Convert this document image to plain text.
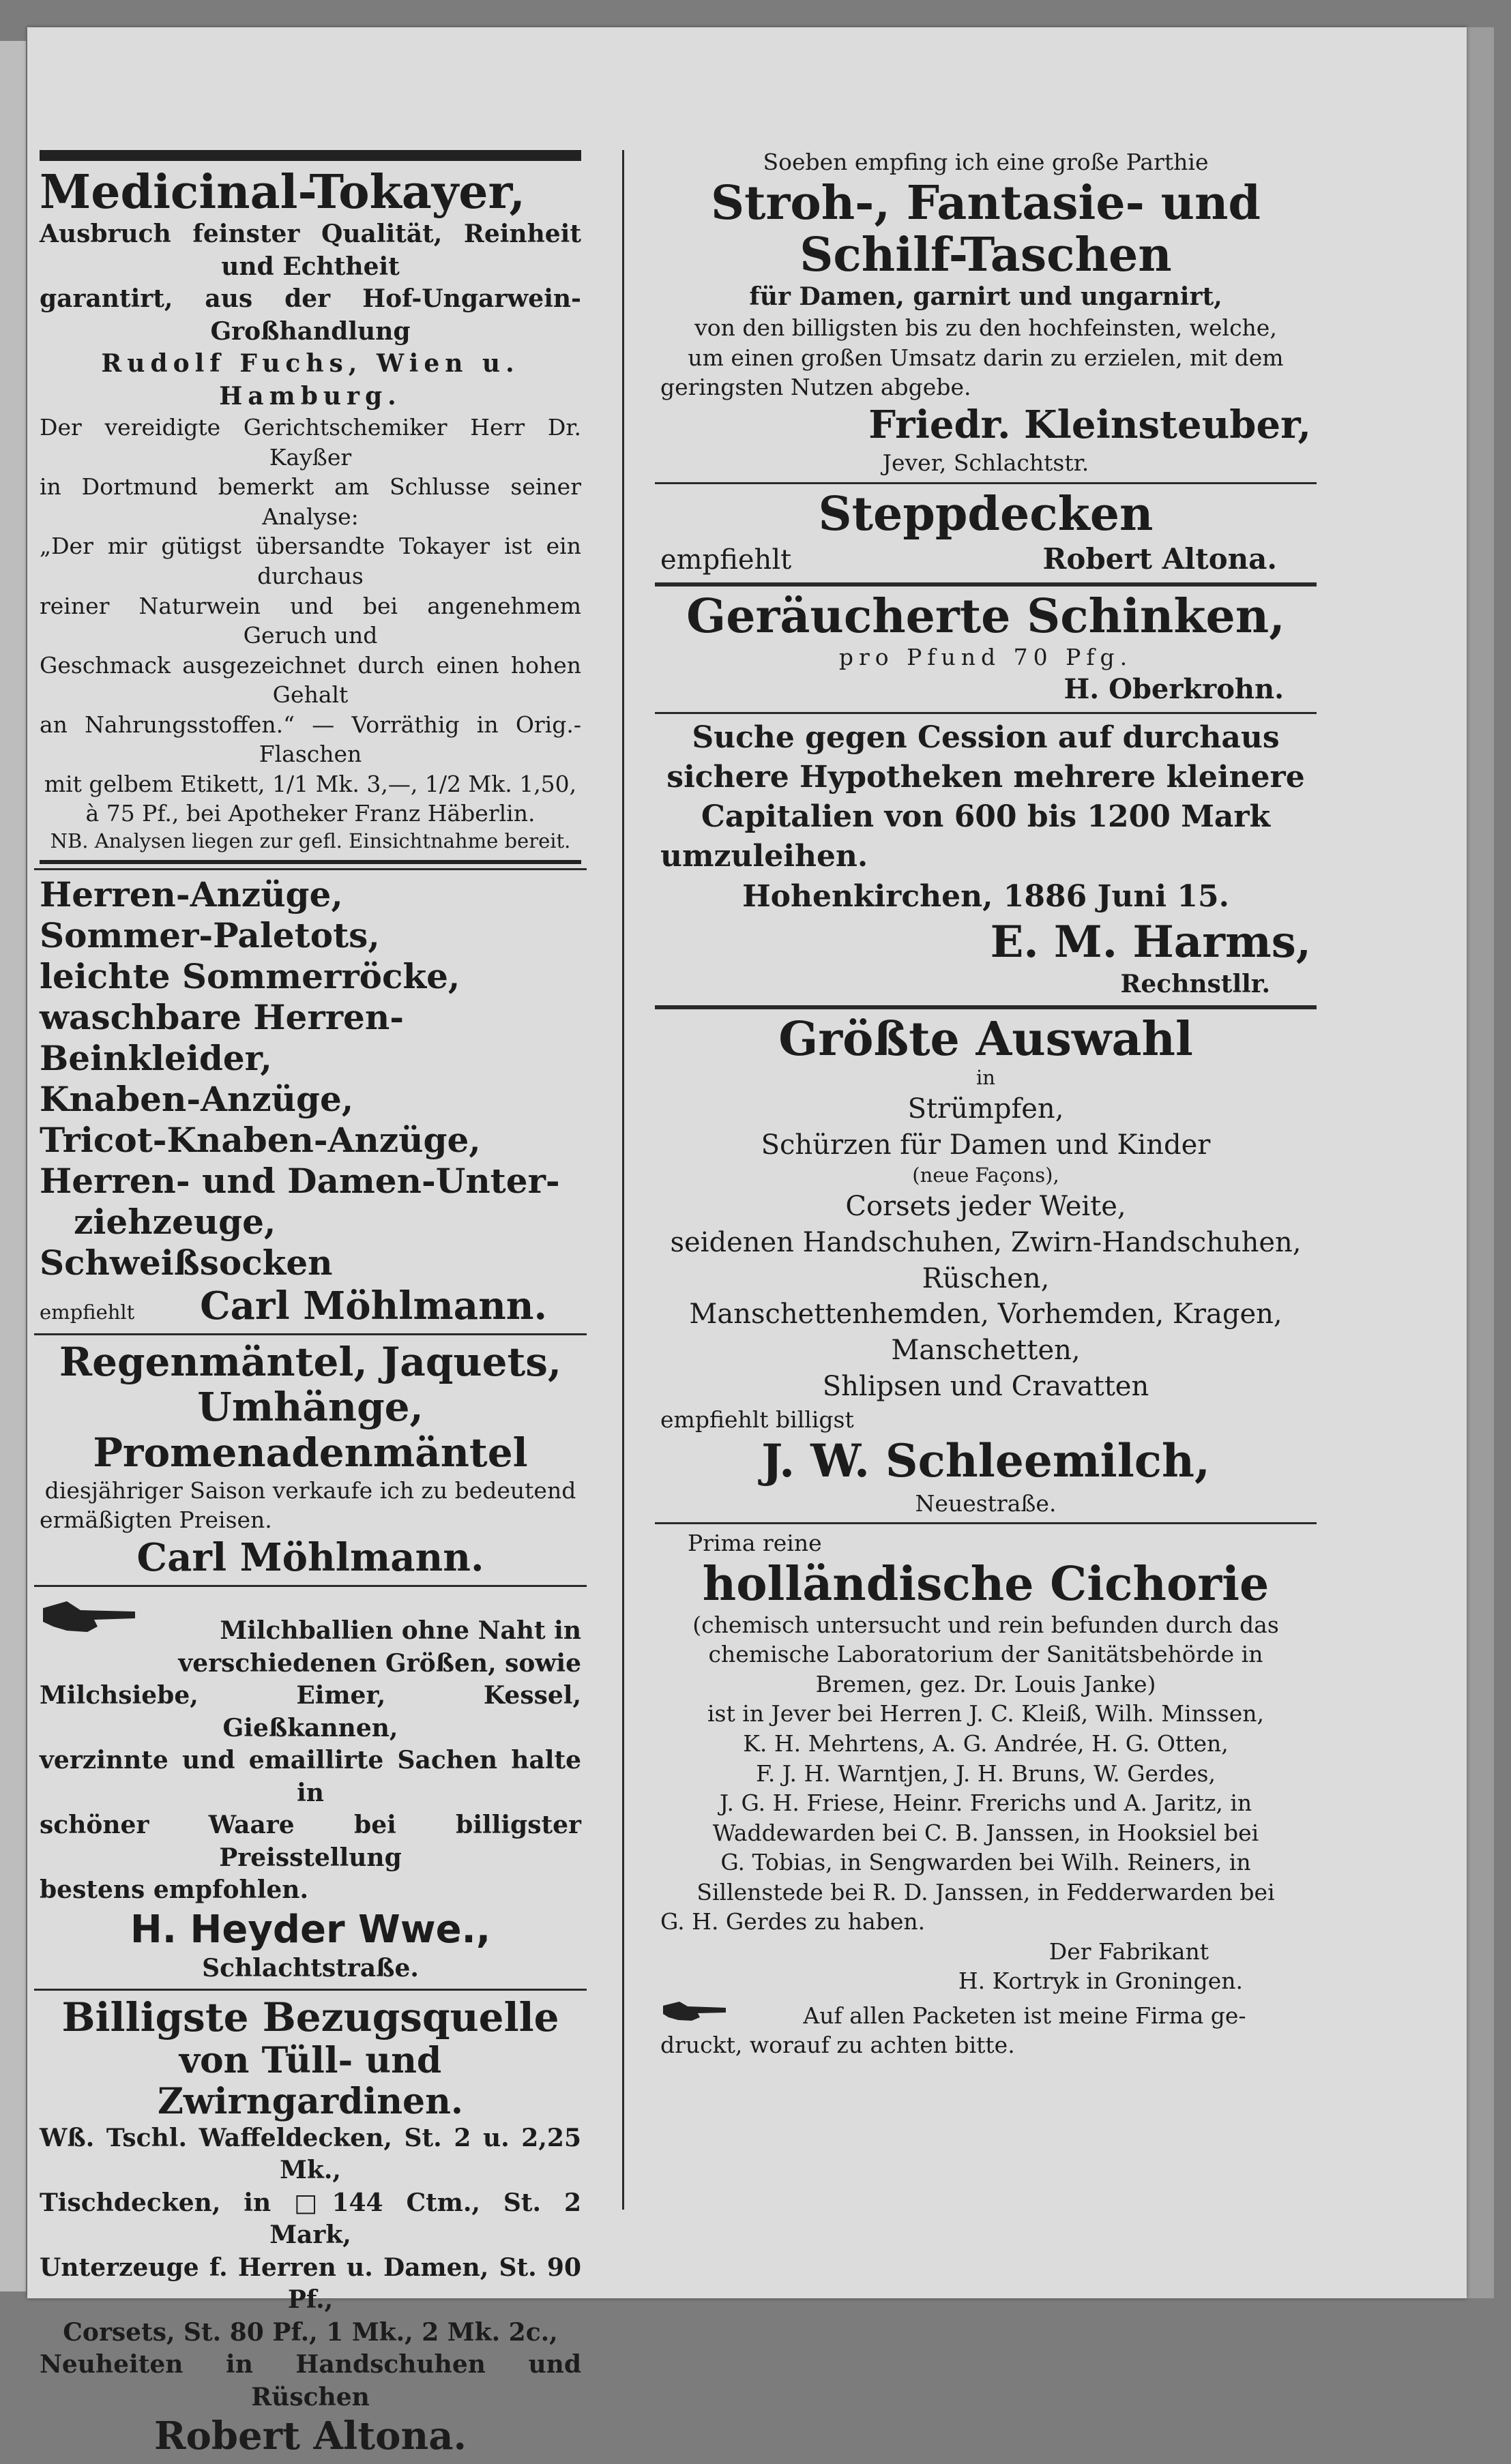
Medicinal-Tokayer,
Ausbruch feinster Qualität, Reinheit und Echtheit
garantirt, aus der Hof-Ungarwein-Großhandlung
Rudolf Fuchs, Wien u. Hamburg.
Der vereidigte Gerichtschemiker Herr Dr. Kayßer
in Dortmund bemerkt am Schlusse seiner Analyse:
„Der mir gütigst übersandte Tokayer ist ein durchaus
reiner Naturwein und bei angenehmem Geruch und
Geschmack ausgezeichnet durch einen hohen Gehalt
an Nahrungsstoffen.“ — Vorräthig in Orig.-Flaschen
mit gelbem Etikett, 1/1 Mk. 3,—, 1/2 Mk. 1,50,
à 75 Pf., bei Apotheker Franz Häberlin.
NB. Analysen liegen zur gefl. Einsichtnahme bereit.
Herren-Anzüge,
Sommer-Paletots,
leichte Sommerröcke,
waschbare Herren-Beinkleider,
Knaben-Anzüge,
Tricot-Knaben-Anzüge,
Herren- und Damen-Unter-
ziehzeuge,
Schweißsocken
empfiehlt Carl Möhlmann.
Regenmäntel, Jaquets,
Umhänge,
Promenadenmäntel
diesjähriger Saison verkaufe ich zu bedeutend
ermäßigten Preisen.
Carl Möhlmann.
Milchballien ohne Naht in
verschiedenen Größen, sowie
Milchsiebe, Eimer, Kessel, Gießkannen,
verzinnte und emaillirte Sachen halte in
schöner Waare bei billigster Preisstellung
bestens empfohlen.
H. Heyder Wwe.,
Schlachtstraße.
Billigste Bezugsquelle
von Tüll- und Zwirngardinen.
Wß. Tschl. Waffeldecken, St. 2 u. 2,25 Mk.,
Tischdecken, in □144 Ctm., St. 2 Mark,
Unterzeuge f. Herren u. Damen, St. 90 Pf.,
Corsets, St. 80 Pf., 1 Mk., 2 Mk. 2c.,
Neuheiten in Handschuhen und Rüschen
Robert Altona.
Soeben empfing ich eine große Parthie
Stroh-, Fantasie- und
Schilf-Taschen
für Damen, garnirt und ungarnirt,
von den billigsten bis zu den hochfeinsten, welche,
um einen großen Umsatz darin zu erzielen, mit dem
geringsten Nutzen abgebe.
Friedr. Kleinsteuber,
Jever, Schlachtstr.
Steppdecken
empfiehlt	Robert Altona.
Geräucherte Schinken,
pro Pfund 70 Pfg.
H. Oberkrohn.
Suche gegen Cession auf durchaus
sichere Hypotheken mehrere kleinere
Capitalien von 600 bis 1200 Mark
umzuleihen.
Hohenkirchen, 1886 Juni 15.
E. M. Harms,
Rechnstllr.
Größte Auswahl
in
Strümpfen,
Schürzen für Damen und Kinder
(neue Façons),
Corsets jeder Weite,
seidenen Handschuhen, Zwirn-Handschuhen,
Rüschen,
Manschettenhemden, Vorhemden, Kragen,
Manschetten,
Shlipsen und Cravatten
empfiehlt billigst
J. W. Schleemilch,
Neuestraße.
Prima reine
holländische Cichorie
(chemisch untersucht und rein befunden durch das
chemische Laboratorium der Sanitätsbehörde in
Bremen, gez. Dr. Louis Janke)
ist in Jever bei Herren J. C. Kleiß, Wilh. Minssen,
K. H. Mehrtens, A. G. Andrée, H. G. Otten,
F. J. H. Warntjen, J. H. Bruns, W. Gerdes,
J. G. H. Friese, Heinr. Frerichs und A. Jaritz, in
Waddewarden bei C. B. Janssen, in Hooksiel bei
G. Tobias, in Sengwarden bei Wilh. Reiners, in
Sillenstede bei R. D. Janssen, in Fedderwarden bei
G. H. Gerdes zu haben.
Der Fabrikant
H. Kortryk in Groningen.
Auf allen Packeten ist meine Firma ge-
druckt, worauf zu achten bitte.
